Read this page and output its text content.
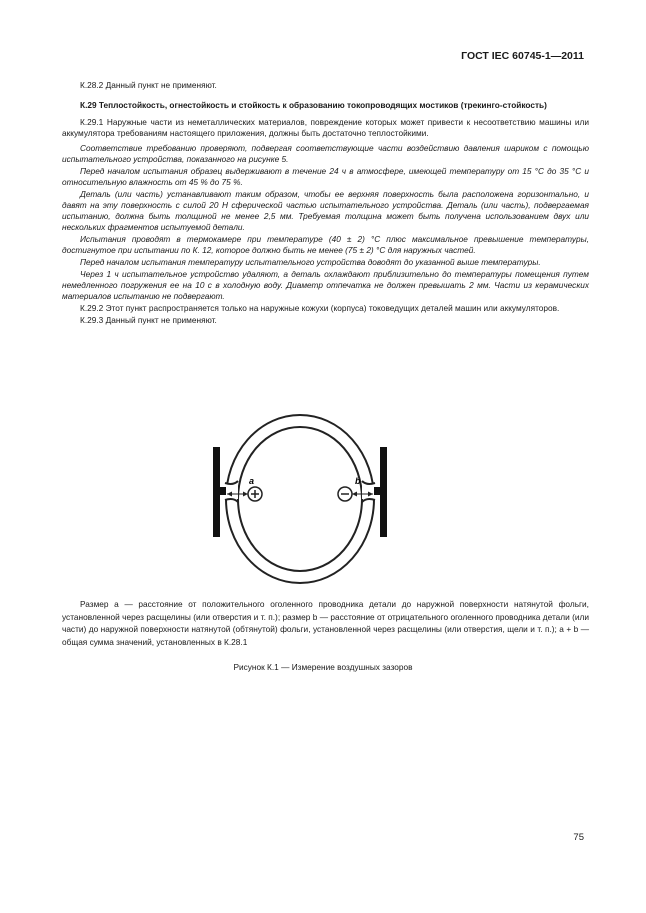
ГОСТ IEC 60745-1—2011

К.28.2 Данный пункт не применяют.

К.29 Теплостойкость, огнестойкость и стойкость к образованию токопроводящих мостиков (трекинго-стойкость)

К.29.1 Наружные части из неметаллических материалов, повреждение которых может привести к несоответствию машины или аккумулятора требованиям настоящего приложения, должны быть достаточно теплостойкими.

Соответствие требованию проверяют, подвергая соответствующие части воздействию давления шариком с помощью испытательного устройства, показанного на рисунке 5.

Перед началом испытания образец выдерживают в течение 24 ч в атмосфере, имеющей температуру от 15 °С до 35 °С и относительную влажность от 45 % до 75 %.

Деталь (или часть) устанавливают таким образом, чтобы ее верхняя поверхность была расположена горизонтально, и давят на эту поверхность с силой 20 Н сферической частью испытательного устройства. Деталь (или часть), подвергаемая испытанию, должна быть толщиной не менее 2,5 мм. Требуемая толщина может быть получена использованием двух или нескольких фрагментов испытуемой детали.

Испытания проводят в термокамере при температуре (40 ± 2) °С плюс максимальное превышение температуры, достигнутое при испытании по К. 12, которое должно быть не менее (75 ± 2) °С для наружных частей.

Перед началом испытания температуру испытательного устройства доводят до указанной выше температуры.

Через 1 ч испытательное устройство удаляют, а деталь охлаждают приблизительно до температуры помещения путем немедленного погружения ее на 10 с в холодную воду. Диаметр отпечатка не должен превышать 2 мм. Части из керамических материалов испытанию не подвергают.

К.29.2 Этот пункт распространяется только на наружные кожухи (корпуса) токоведущих деталей машин или аккумуляторов.

К.29.3 Данный пункт не применяют.

a	b
Размер a — расстояние от положительного оголенного проводника детали до наружной поверхности натянутой фольги, установленной через расщелины (или отверстия и т. п.); размер b — расстояние от отрицательного оголенного проводника детали (или части) до наружной поверхности натянутой (обтянутой) фольги, установленной через расщелины (или отверстия, щели и т. п.); a + b — общая сумма значений, установленных в К.28.1
Рисунок К.1 — Измерение воздушных зазоров
75
